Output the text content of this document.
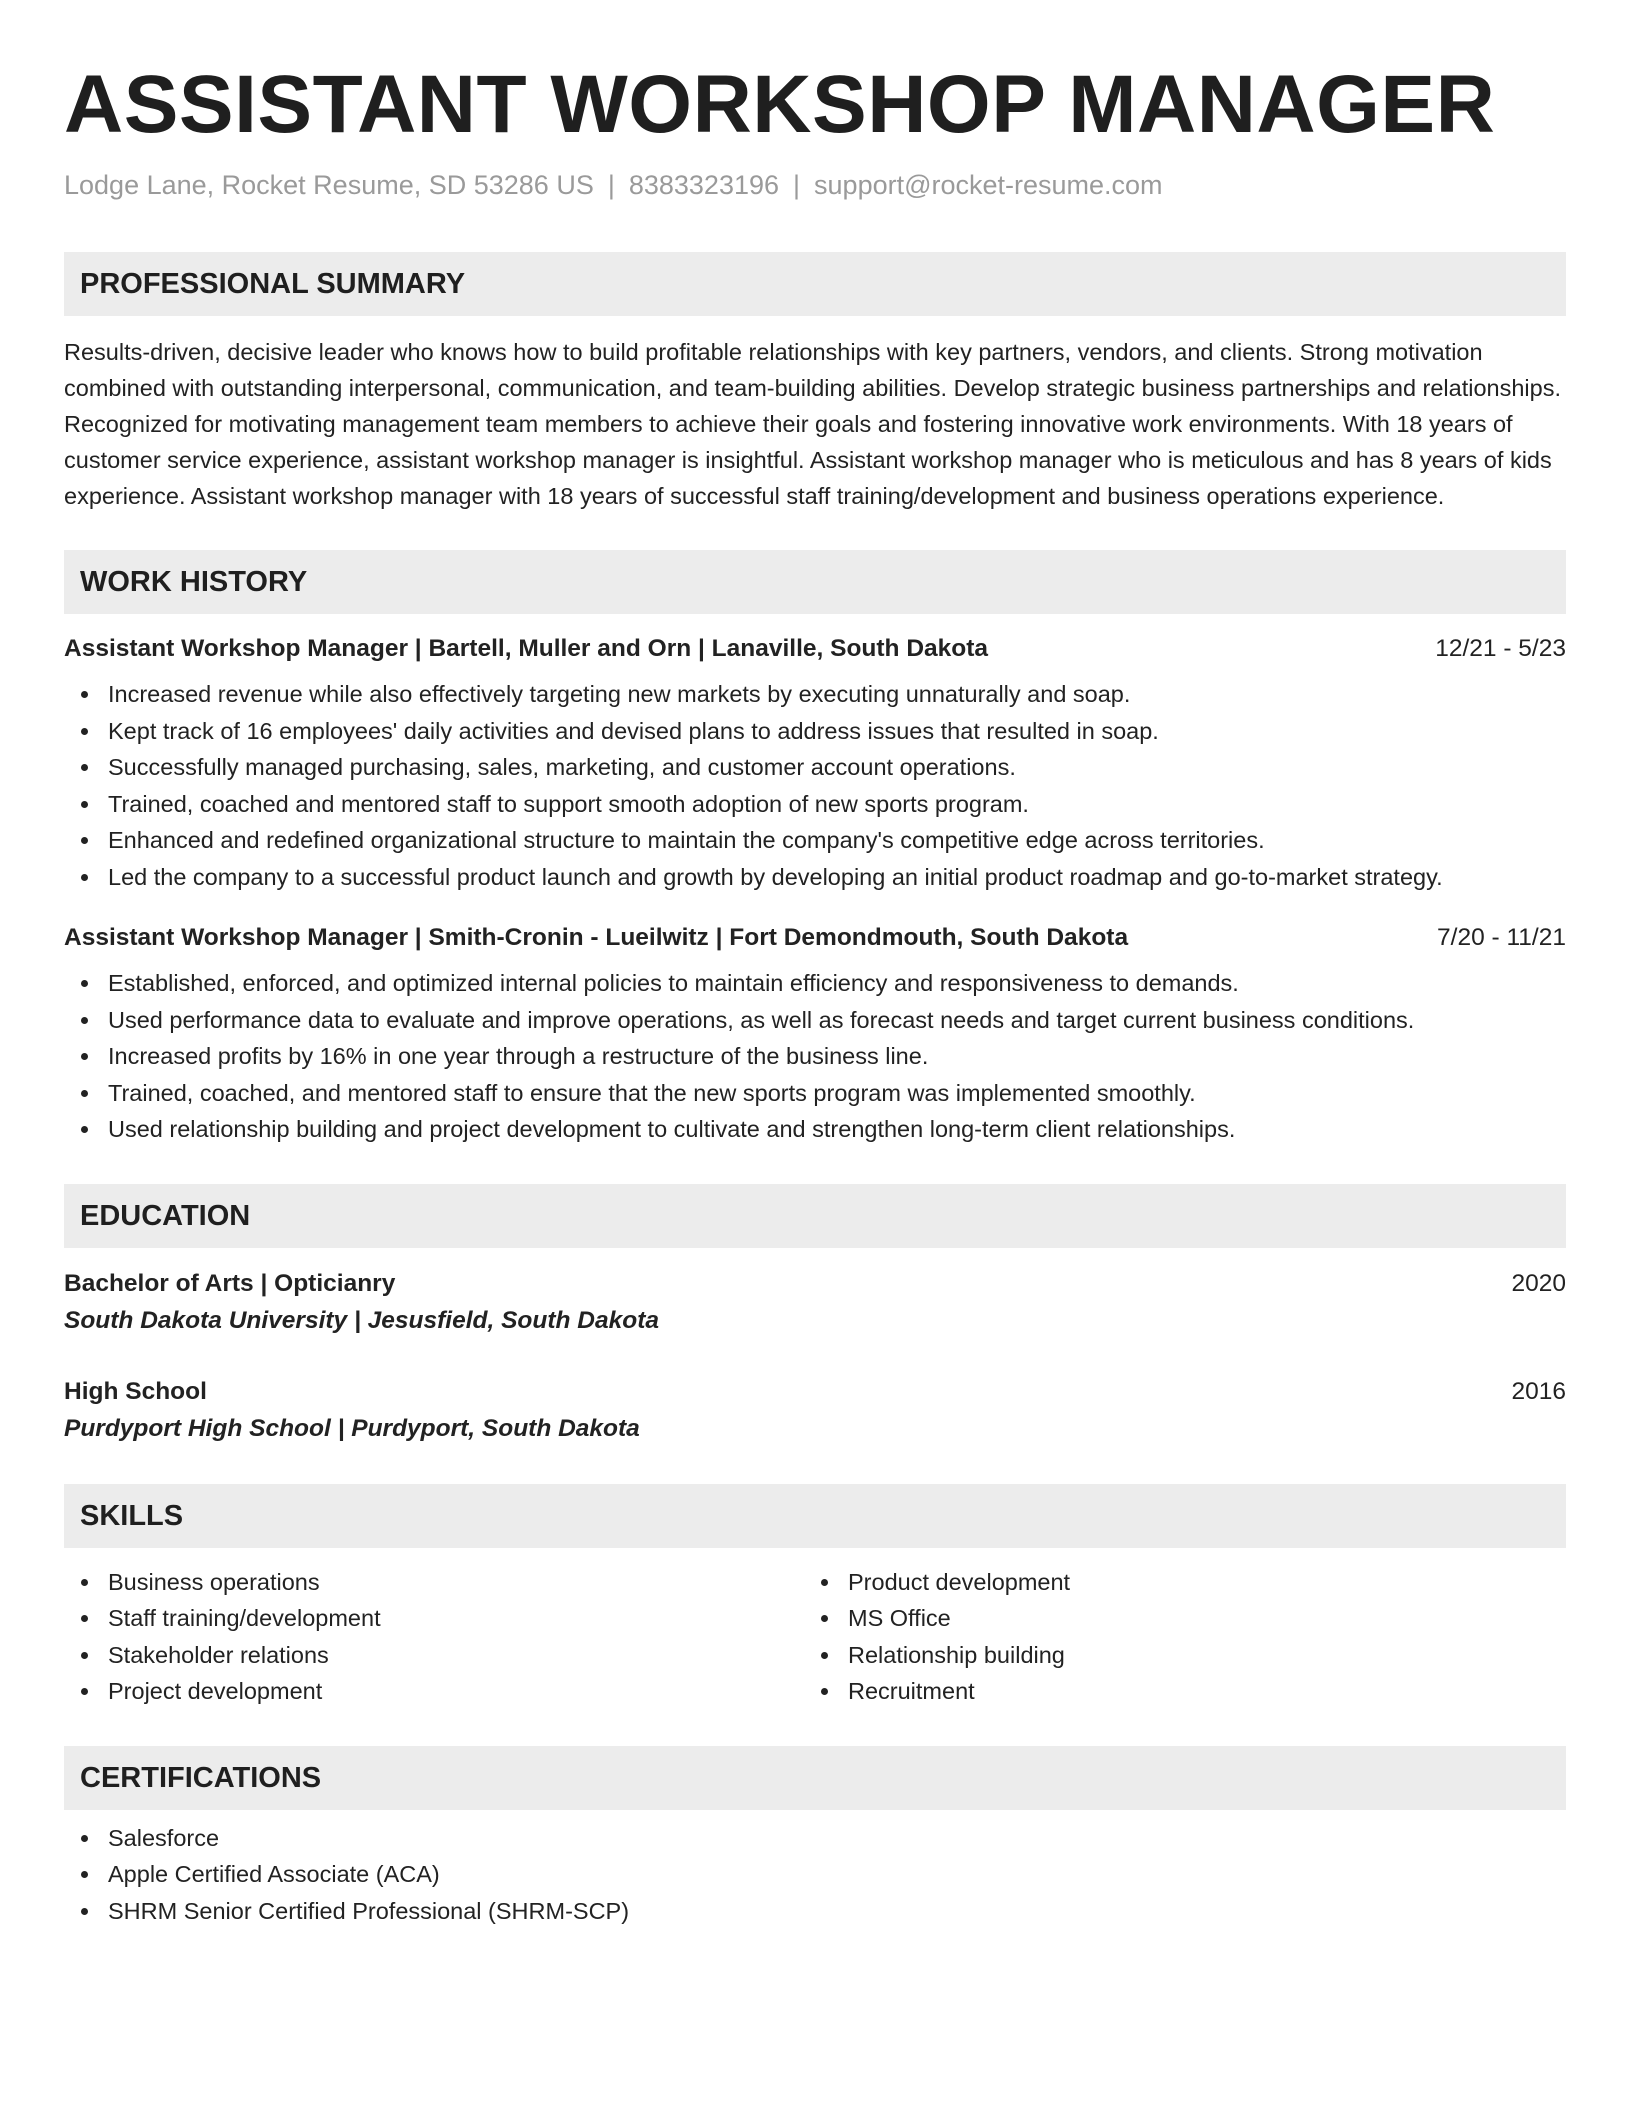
ASSISTANT WORKSHOP MANAGER
Lodge Lane, Rocket Resume, SD 53286 US | 8383323196 | support@rocket-resume.com
PROFESSIONAL SUMMARY
Results-driven, decisive leader who knows how to build profitable relationships with key partners, vendors, and clients. Strong motivation combined with outstanding interpersonal, communication, and team-building abilities. Develop strategic business partnerships and relationships. Recognized for motivating management team members to achieve their goals and fostering innovative work environments. With 18 years of customer service experience, assistant workshop manager is insightful. Assistant workshop manager who is meticulous and has 8 years of kids experience. Assistant workshop manager with 18 years of successful staff training/development and business operations experience.
WORK HISTORY
Assistant Workshop Manager | Bartell, Muller and Orn | Lanaville, South Dakota	12/21 - 5/23
Increased revenue while also effectively targeting new markets by executing unnaturally and soap.
Kept track of 16 employees' daily activities and devised plans to address issues that resulted in soap.
Successfully managed purchasing, sales, marketing, and customer account operations.
Trained, coached and mentored staff to support smooth adoption of new sports program.
Enhanced and redefined organizational structure to maintain the company's competitive edge across territories.
Led the company to a successful product launch and growth by developing an initial product roadmap and go-to-market strategy.
Assistant Workshop Manager | Smith-Cronin - Lueilwitz | Fort Demondmouth, South Dakota	7/20 - 11/21
Established, enforced, and optimized internal policies to maintain efficiency and responsiveness to demands.
Used performance data to evaluate and improve operations, as well as forecast needs and target current business conditions.
Increased profits by 16% in one year through a restructure of the business line.
Trained, coached, and mentored staff to ensure that the new sports program was implemented smoothly.
Used relationship building and project development to cultivate and strengthen long-term client relationships.
EDUCATION
Bachelor of Arts | Opticianry	2020
South Dakota University | Jesusfield, South Dakota
High School	2016
Purdyport High School | Purdyport, South Dakota
SKILLS
Business operations
Staff training/development
Stakeholder relations
Project development
Product development
MS Office
Relationship building
Recruitment
CERTIFICATIONS
Salesforce
Apple Certified Associate (ACA)
SHRM Senior Certified Professional (SHRM-SCP)
